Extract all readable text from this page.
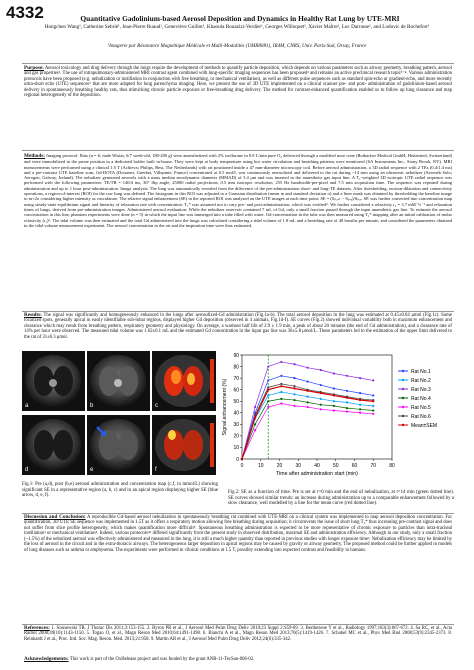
4332	Quantitative Gadolinium-based Aerosol Deposition and Dynamics in Healthy Rat Lung by UTE-MRI
Hongchen Wang¹, Catherine Sebrié¹, Jean-Pierre Ruaud¹, Geneviève Guillot¹, Khaoula Bouazizi-Verdier¹, Georges Willoquet¹, Xavier Maître¹, Luc Darrasse¹, and Ludovic de Rochefort¹
¹Imagerie par Résonance Magnétique Médicale et Multi-Modalités (UMR8081), IR4M, CNRS, Univ. Paris-Sud, Orsay, France
Purpose: Aerosol toxicology and drug delivery through the lungs require the development of methods to quantify particle deposition, which depends on various parameters such as airway geometry, breathing pattern, aerosol and gas properties¹. The use of intrapulmonary-administered MRI contrast agent combined with lung-specific imaging sequences has been proposed² and remains an active preclinical research topic³⁻⁴. Various administration protocols have been proposed (e.g. nebulization or instillation in conjunction with free breathing, or mechanical ventilation), as well as different pulse sequences such as standard spin-echo or gradient-echo, and more recently ultra-short echo (UTE) sequences⁵ that are more adapted for lung parenchyma imaging. Here, we present the use of 3D UTE implemented on a clinical scanner pre- and post- administration of gadolinium-based aerosol delivery in spontaneously breathing healthy rats, thus mimicking chronic particle exposure or free-breathing drug delivery. The method for contrast-enhanced quantification enabled us to follow up lung clearance and map regional heterogeneity of the deposition.
Methods: Imaging protocol: Rats (n = 6, male Wistar, 6/7 week-old, 180-200 g) were anaesthetized with 2% isoflurane in 0.8 L/min pure O₂ delivered through a modified nose cone (Rothacher Medical GmbH, Heitenried, Switzerland) and were immobilized in the prone position in a dedicated holder built in-house. They were kept at body temperature using hot water circulation and breathing patterns were monitored (SA Instruments Inc., Stony Brook, NY). MRI measurements were performed using a clinical 1.5 T (Achieva; Philips, Best, The Netherlands) with rat positioned inside a 47 mm-diameter microscopy coil. Before aerosol administration, a 3D radial sequence with 2 TEs (0.4/1.4 ms) and a pre-contrast UTE baseline scan, Gd-DOTA (Dotarem; Guerbet, Villepinte, France) concentrated at 0.5 mol/L was continuously aerosolized and delivered to the rat during ~14 min using an ultrasonic nebulizer (Aeroneb Solo; Aerogen, Galway, Ireland). The nebulizer generated aerosols with a mass median aerodynamic diameter (MMAD) of 3.4 μm and was inserted in the anaesthetic gas input line. A T₁-weighted 3D isotropic UTE radial sequence was performed with the following parameters: TE/TR = 140/4 ms, 30° flip angle, 25000 radial projections, 0.5 mm isotropic resolution, 255 Hz bandwidth-per-pixel and 7.5 min acquisition time. The sequence was repeated during administration and up to 1 hour post-administration. Image analysis: The lung was automatically revealed from the difference of the pre-administration short- and long-TE datasets. After thresholding, erosion-dilatation and connectivity operations, a region-of-interest (ROI) for the raw lung was defined. The histogram in this ROI was adjusted to a Gaussian distribution (mean m and standard deviation σ) and a finer mask was obtained by thresholding the baseline image to m+2σ considering higher intensity as vasculature. The relative signal enhancement (SE) in the reported ROI was analysed on the UTE images at each time point: SE = (Sₚₒₛₜ − Sₚᵣₑ)/Sₚᵣₑ. SE was further converted into concentration map using steady-state equilibrium signal and linearity of relaxation rate with concentration: T₁* was assumed not to vary pre- and post-administration, which was verified⁶. We further considered a relaxivity r₁ = 3.7 mM⁻¹s⁻¹ and relaxation times of lungs, derived from pre-administration images. Administered aerosol evaluation: While the nebulizer reservoir contained 7 mL of Gd, only a small fraction passed through the input anaesthetic gas line. To estimate the aerosol concentration in this line, phantom experiments were done (n = 5) in which the input line was immerged into a tube filled with water. Gd-concentration in the tube was then measured using T₁* mapping after an initial calibration of molar relaxivity (r₁)⁶. The tidal volume was then estimated and the total Gd administered into the lungs was calculated considering a tidal volume of 1.8 mL and a breathing rate of 48 breaths per minute, and considered the parameters obtained in the tidal volume measurement experiment. The aerosol concentration in the air and the inspiration time were thus estimated.
Results: The signal was significantly and homogeneously enhanced in the lungs after aerosolized-Gd administration (Fig.1a-b). The total aerosol deposition in the lung was estimated at 0.45±0.04 μmol (Fig.1c). Some localized spots, generally apical in easily identifiable sub-lobar regions, displayed higher Gd deposition (observed in 4 animals, Fig.1d-f). SE curves (Fig.2) showed individual variability both in maximum enhancement and clearance which may result from breathing pattern, respiratory geometry and physiology. On average, a washout half life of 2.9 ± 1.9 min, a peak of about 20 minutes (the end of Gd administration), and a clearance rate of 14% per hour were observed. The measured tidal volume was 1.62±0.1 mL and the estimated Gd concentration in the input gas line was 36±5.8 μmol/L. These parameters led to the estimation of the upper limit delivered to the rat of 31±6.3 μmol.
a	b	c
d	e	f
Fig.1: Pre (a,d), post (b,e) aerosol administration and concentration map (c,f, in mmol/L) showing significant SE in a representative region (a, b, c) and in an apical region displaying higher SE (blue arrow, d, e, f).
0	10	20	30	40	50	60	70	80
0
10
20
30
40
50
60
70
80
90
Time after administration start (min)
Signal enhancement (%)
Rat No.1
Rat No.2
Rat No.3
Rat No.4
Rat No.5
Rat No.6
Mean±SEM
Fig.2: SE as a function of time. Pre is set at t=0 min and the end of nebulization, at t=14 min (green dotted line). SE curves showed similar trends: an increase during administration up to a comparable enhancement followed by a slow clearance, well modelled by a line for the mean curve (red dotted line).
Discussion and Conclusion: A reproducible Gd-based aerosol nebulization in spontaneously breathing rat combined with UTE-MRI on a clinical system was implemented to map aerosol deposition concentration. For quantification, 3D UTE SE sequence was implemented in 1.5T as it offers a respiratory motion allowing free breathing during acquisition; it circumvents the issue of short lung T₂* thus increasing pre-contrast signal and does not suffer from slice profile heterogeneity, which makes quantification more difficult⁵. Spontaneous breathing administration is expected to be more representative of chronic exposure to particles than intra-tracheal instillation³ or mechanical ventilation⁴. Indeed, various protocols⁴⁶ differed significantly from the present study in observed distribution, maximal SE and administration efficiency. Although in our study, only a small fraction (~1.5%) of the nebulized aerosol was effectively administered and measured in the lung, it is still a much higher quantity than reported in previous studies with longer exposure time³. Nebulization efficiency may be limited by the loss of aerosol in the circuit and in the extra-thoracic airways. The heterogeneous larger deposition in apical regions may be caused by gravity or airway geometry. The proposed method could be further applied in models of lung diseases such as asthma or emphysema. The experiments were performed in clinical conditions at 1.5 T, possibly extending into expected contrast and feasibility in humans.
References: 1. Sosnowski TR. J Thorac Dis 2011;3:153-155. 2. Byron PR et al., J Aerosol Med Pulm Drug Deliv 2010;23 Suppl 2:S59-69. 3. Berthezene Y et al., Radiology 1997;183(3):667-672. 4. Sa RC, et al., Acta Radiol 2008;49(10):1143-1150. 5. Togao O, et al., Magn Reson Med 2010;64:1491-1498. 6. Bianchi A et al., Magn Reson Med 2013;70(5):1419-1426. 7. Schabel MC et al., Phys Med Biol 2008;53(9):2345-2373. 8. Reinhardt J et al., Proc. Intl. Soc. Mag. Reson. Med. 2013;21:958. 9. Martin AR et al., J Aerosol Med Pulm Drug Deliv 2012;24(6):335-342.
Acknowledgements: This work is part of the OxHelease project and was funded by the grant ANR-11-TecSan-006-02.
